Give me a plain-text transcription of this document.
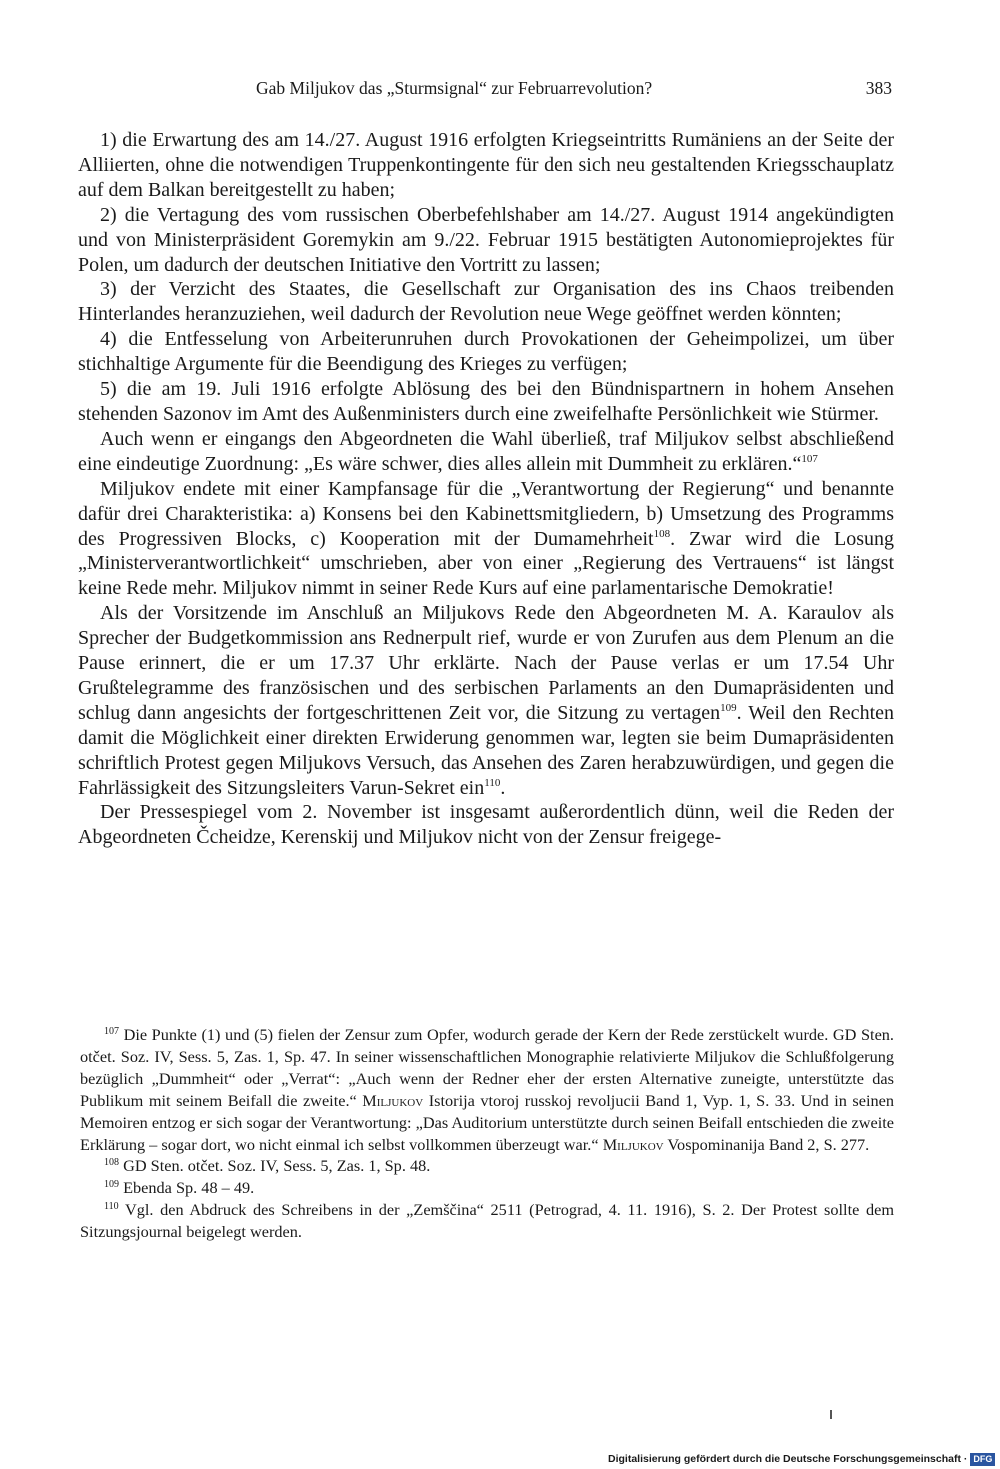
Gab Miljukov das „Sturmsignal“ zur Februarrevolution?	383

1) die Erwartung des am 14./27. August 1916 erfolgten Kriegseintritts Rumäniens an der Seite der Alliierten, ohne die notwendigen Truppenkontingente für den sich neu gestaltenden Kriegsschauplatz auf dem Balkan bereitgestellt zu haben;

2) die Vertagung des vom russischen Oberbefehlshaber am 14./27. August 1914 angekündigten und von Ministerpräsident Goremykin am 9./22. Februar 1915 bestätigten Autonomieprojektes für Polen, um dadurch der deutschen Initiative den Vortritt zu lassen;

3) der Verzicht des Staates, die Gesellschaft zur Organisation des ins Chaos treibenden Hinterlandes heranzuziehen, weil dadurch der Revolution neue Wege geöffnet werden könnten;

4) die Entfesselung von Arbeiterunruhen durch Provokationen der Geheimpolizei, um über stichhaltige Argumente für die Beendigung des Krieges zu verfügen;

5) die am 19. Juli 1916 erfolgte Ablösung des bei den Bündnispartnern in hohem Ansehen stehenden Sazonov im Amt des Außenministers durch eine zweifelhafte Persönlichkeit wie Stürmer.

Auch wenn er eingangs den Abgeordneten die Wahl überließ, traf Miljukov selbst abschließend eine eindeutige Zuordnung: „Es wäre schwer, dies alles allein mit Dummheit zu erklären.“$^{107}$

Miljukov endete mit einer Kampfansage für die „Verantwortung der Regierung“ und benannte dafür drei Charakteristika: a) Konsens bei den Kabinettsmitgliedern, b) Umsetzung des Programms des Progressiven Blocks, c) Kooperation mit der Dumamehrheit$^{108}$. Zwar wird die Losung „Ministerverantwortlichkeit“ umschrieben, aber von einer „Regierung des Vertrauens“ ist längst keine Rede mehr. Miljukov nimmt in seiner Rede Kurs auf eine parlamentarische Demokratie!

Als der Vorsitzende im Anschluß an Miljukovs Rede den Abgeordneten M. A. Karaulov als Sprecher der Budgetkommission ans Rednerpult rief, wurde er von Zurufen aus dem Plenum an die Pause erinnert, die er um 17.37 Uhr erklärte. Nach der Pause verlas er um 17.54 Uhr Grußtelegramme des französischen und des serbischen Parlaments an den Dumapräsidenten und schlug dann angesichts der fortgeschrittenen Zeit vor, die Sitzung zu vertagen$^{109}$. Weil den Rechten damit die Möglichkeit einer direkten Erwiderung genommen war, legten sie beim Dumapräsidenten schriftlich Protest gegen Miljukovs Versuch, das Ansehen des Zaren herabzuwürdigen, und gegen die Fahrlässigkeit des Sitzungsleiters Varun-Sekret ein$^{110}$.

Der Pressespiegel vom 2. November ist insgesamt außerordentlich dünn, weil die Reden der Abgeordneten Čcheidze, Kerenskij und Miljukov nicht von der Zensur freigege-

$^{107}$ Die Punkte (1) und (5) fielen der Zensur zum Opfer, wodurch gerade der Kern der Rede zerstückelt wurde. GD Sten. otčet. Soz. IV, Sess. 5, Zas. 1, Sp. 47. In seiner wissenschaftlichen Monographie relativierte Miljukov die Schlußfolgerung bezüglich „Dummheit“ oder „Verrat“: „Auch wenn der Redner eher der ersten Alternative zuneigte, unterstützte das Publikum mit seinem Beifall die zweite.“ Miljukov Istorija vtoroj russkoj revoljucii Band 1, Vyp. 1, S. 33. Und in seinen Memoiren entzog er sich sogar der Verantwortung: „Das Auditorium unterstützte durch seinen Beifall entschieden die zweite Erklärung – sogar dort, wo nicht einmal ich selbst vollkommen überzeugt war.“ Miljukov Vospominanija Band 2, S. 277.

$^{108}$ GD Sten. otčet. Soz. IV, Sess. 5, Zas. 1, Sp. 48.

$^{109}$ Ebenda Sp. 48 – 49.

$^{110}$ Vgl. den Abdruck des Schreibens in der „Zemščina“ 2511 (Petrograd, 4. 11. 1916), S. 2. Der Protest sollte dem Sitzungsjournal beigelegt werden.

Digitalisierung gefördert durch die Deutsche Forschungsgemeinschaft · DFG
